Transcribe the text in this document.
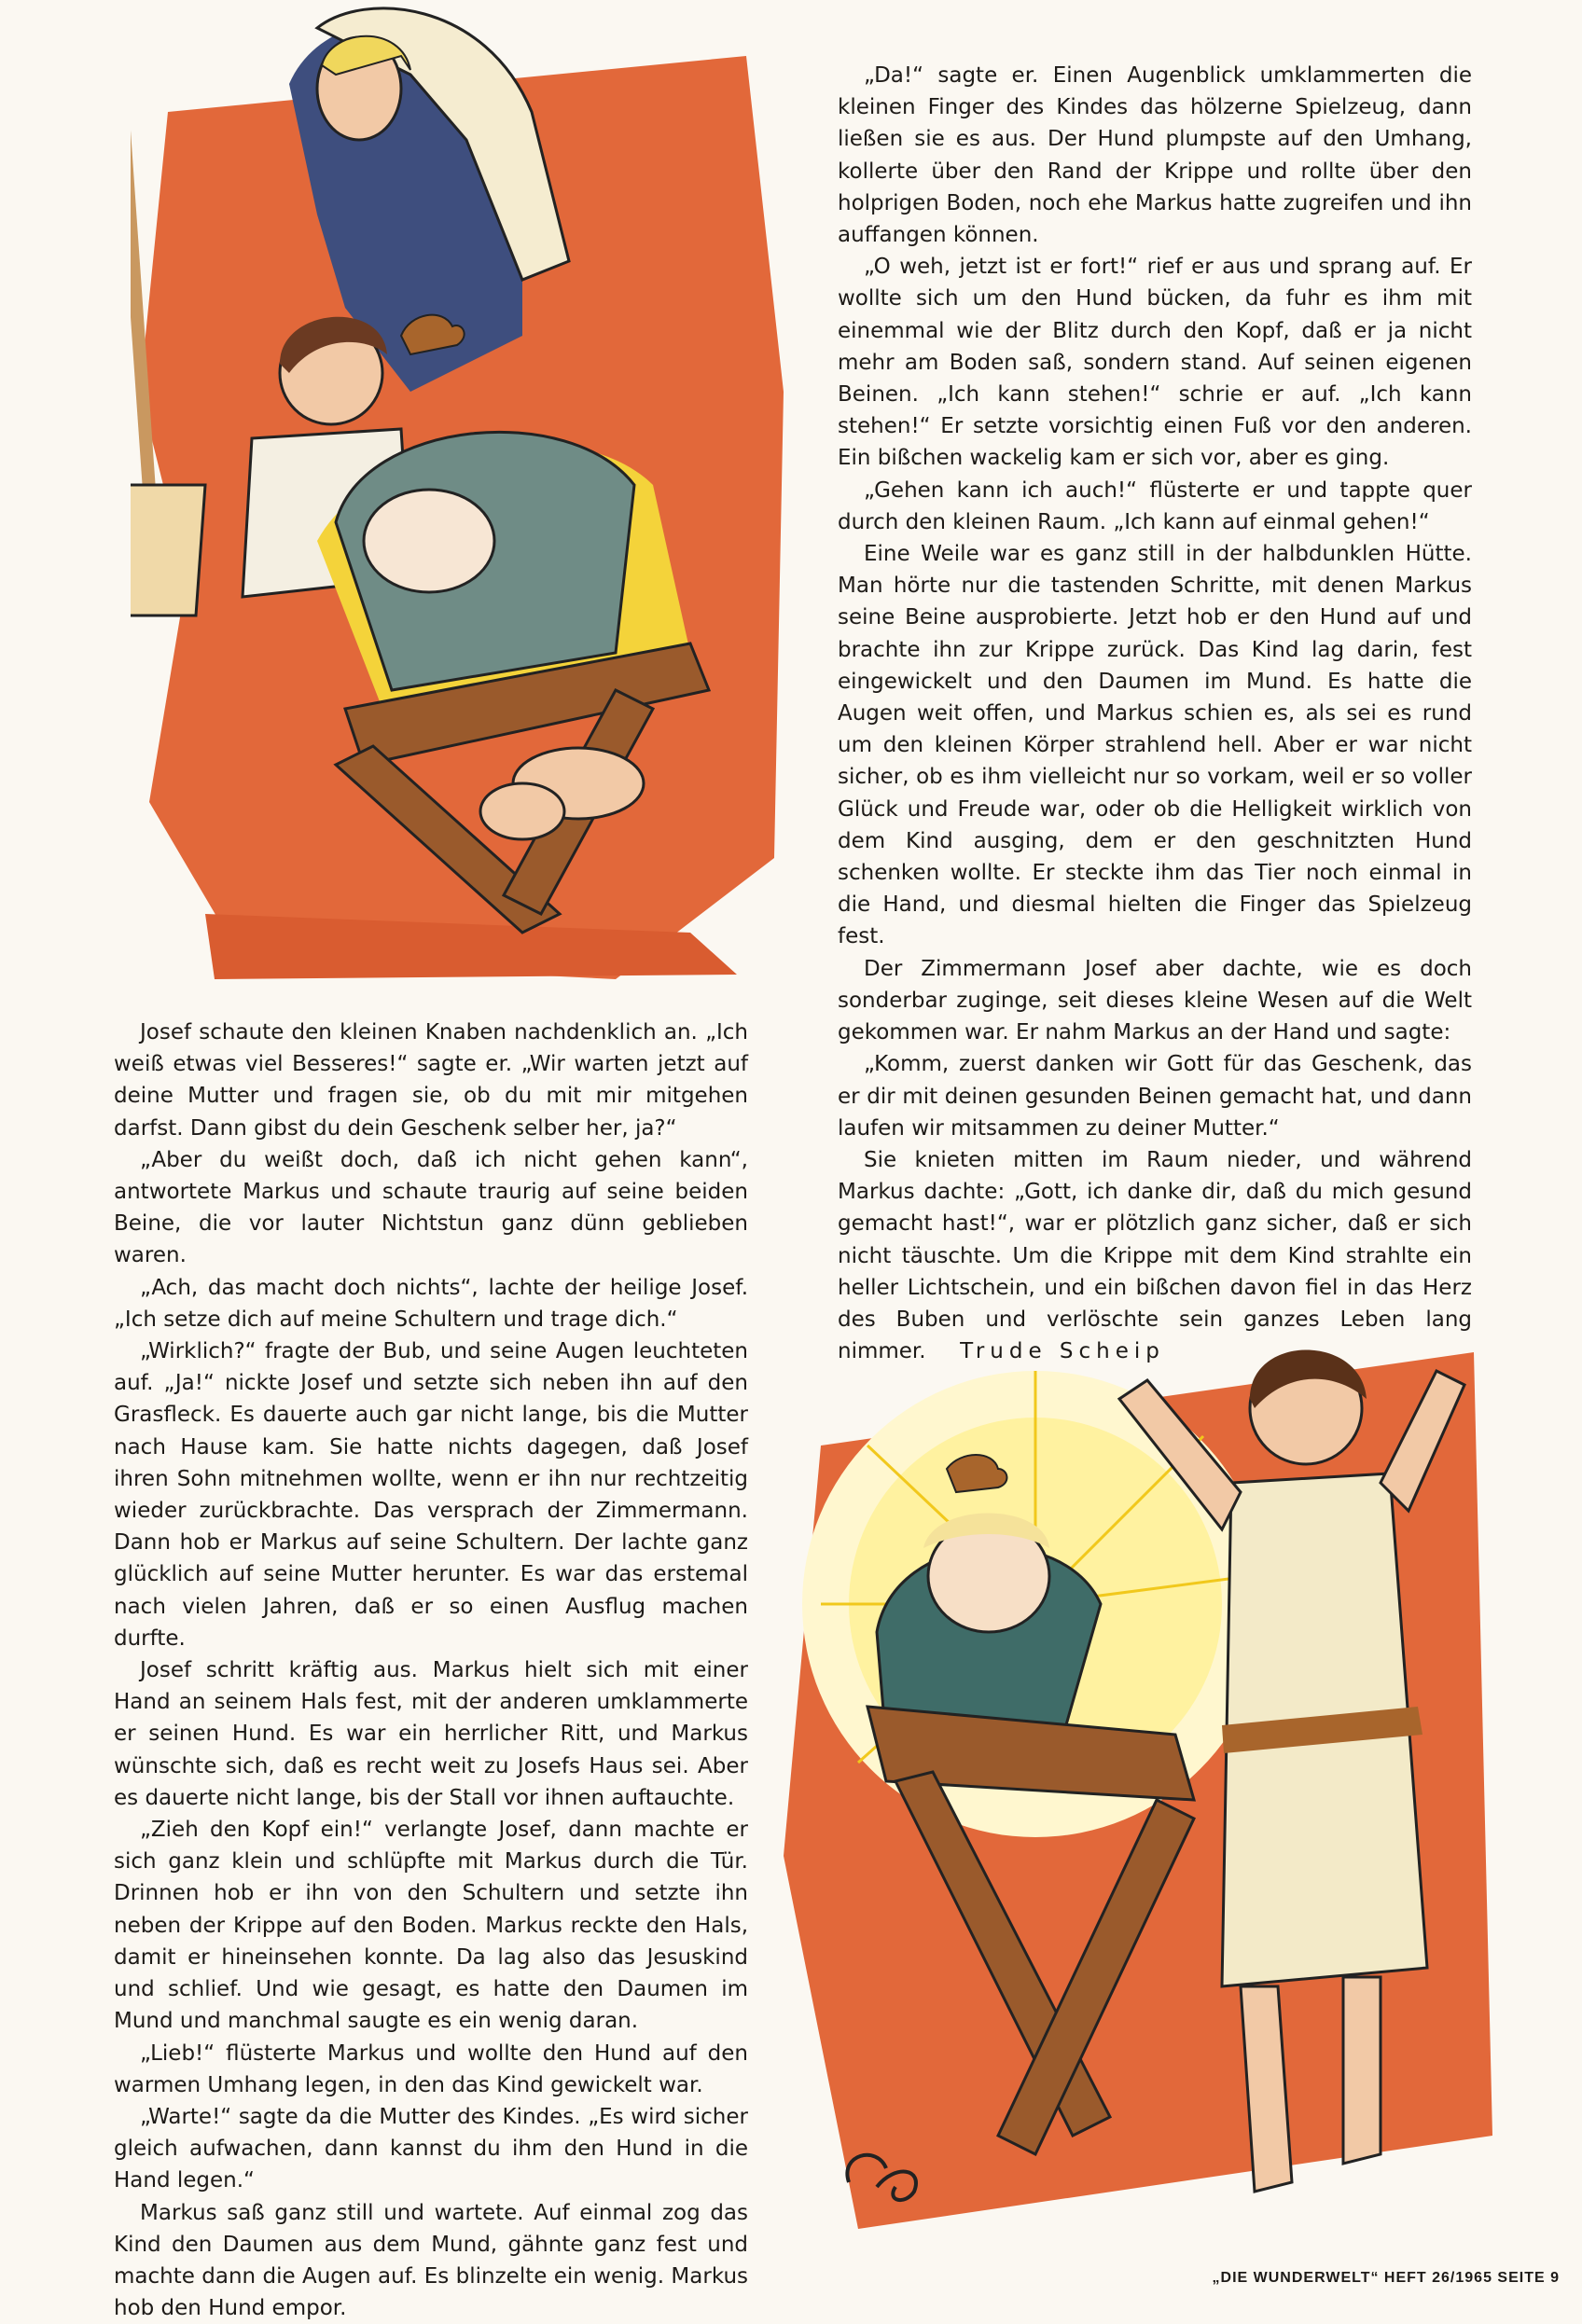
„Da!“ sagte er. Einen Augenblick umklammerten die kleinen Finger des Kindes das hölzerne Spielzeug, dann ließen sie es aus. Der Hund plumpste auf den Umhang, kollerte über den Rand der Krippe und rollte über den holprigen Boden, noch ehe Markus hatte zugreifen und ihn auffangen können.

„O weh, jetzt ist er fort!“ rief er aus und sprang auf. Er wollte sich um den Hund bücken, da fuhr es ihm mit einemmal wie der Blitz durch den Kopf, daß er ja nicht mehr am Boden saß, sondern stand. Auf seinen eigenen Beinen. „Ich kann stehen!“ schrie er auf. „Ich kann stehen!“ Er setzte vorsichtig einen Fuß vor den anderen. Ein bißchen wackelig kam er sich vor, aber es ging.

„Gehen kann ich auch!“ flüsterte er und tappte quer durch den kleinen Raum. „Ich kann auf einmal gehen!“

Eine Weile war es ganz still in der halbdunklen Hütte. Man hörte nur die tastenden Schritte, mit denen Markus seine Beine ausprobierte. Jetzt hob er den Hund auf und brachte ihn zur Krippe zurück. Das Kind lag darin, fest eingewickelt und den Daumen im Mund. Es hatte die Augen weit offen, und Markus schien es, als sei es rund um den kleinen Körper strahlend hell. Aber er war nicht sicher, ob es ihm vielleicht nur so vorkam, weil er so voller Glück und Freude war, oder ob die Helligkeit wirklich von dem Kind ausging, dem er den geschnitzten Hund schenken wollte. Er steckte ihm das Tier noch einmal in die Hand, und diesmal hielten die Finger das Spielzeug fest.

Der Zimmermann Josef aber dachte, wie es doch sonderbar zuginge, seit dieses kleine Wesen auf die Welt gekommen war. Er nahm Markus an der Hand und sagte:

„Komm, zuerst danken wir Gott für das Geschenk, das er dir mit deinen gesunden Beinen gemacht hat, und dann laufen wir mitsammen zu deiner Mutter.“

Sie knieten mitten im Raum nieder, und während Markus dachte: „Gott, ich danke dir, daß du mich gesund gemacht hast!“, war er plötzlich ganz sicher, daß er sich nicht täuschte. Um die Krippe mit dem Kind strahlte ein heller Lichtschein, und ein bißchen davon fiel in das Herz des Buben und verlöschte sein ganzes Leben lang nimmer. Trude Scheip

Josef schaute den kleinen Knaben nachdenklich an. „Ich weiß etwas viel Besseres!“ sagte er. „Wir warten jetzt auf deine Mutter und fragen sie, ob du mit mir mitgehen darfst. Dann gibst du dein Geschenk selber her, ja?“

„Aber du weißt doch, daß ich nicht gehen kann“, antwortete Markus und schaute traurig auf seine beiden Beine, die vor lauter Nichtstun ganz dünn geblieben waren.

„Ach, das macht doch nichts“, lachte der heilige Josef. „Ich setze dich auf meine Schultern und trage dich.“

„Wirklich?“ fragte der Bub, und seine Augen leuchteten auf. „Ja!“ nickte Josef und setzte sich neben ihn auf den Grasfleck. Es dauerte auch gar nicht lange, bis die Mutter nach Hause kam. Sie hatte nichts dagegen, daß Josef ihren Sohn mitnehmen wollte, wenn er ihn nur rechtzeitig wieder zurückbrachte. Das versprach der Zimmermann. Dann hob er Markus auf seine Schultern. Der lachte ganz glücklich auf seine Mutter herunter. Es war das erstemal nach vielen Jahren, daß er so einen Ausflug machen durfte.

Josef schritt kräftig aus. Markus hielt sich mit einer Hand an seinem Hals fest, mit der anderen umklammerte er seinen Hund. Es war ein herrlicher Ritt, und Markus wünschte sich, daß es recht weit zu Josefs Haus sei. Aber es dauerte nicht lange, bis der Stall vor ihnen auftauchte.

„Zieh den Kopf ein!“ verlangte Josef, dann machte er sich ganz klein und schlüpfte mit Markus durch die Tür. Drinnen hob er ihn von den Schultern und setzte ihn neben der Krippe auf den Boden. Markus reckte den Hals, damit er hineinsehen konnte. Da lag also das Jesuskind und schlief. Und wie gesagt, es hatte den Daumen im Mund und manchmal saugte es ein wenig daran.

„Lieb!“ flüsterte Markus und wollte den Hund auf den warmen Umhang legen, in den das Kind gewickelt war.

„Warte!“ sagte da die Mutter des Kindes. „Es wird sicher gleich aufwachen, dann kannst du ihm den Hund in die Hand legen.“

Markus saß ganz still und wartete. Auf einmal zog das Kind den Daumen aus dem Mund, gähnte ganz fest und machte dann die Augen auf. Es blinzelte ein wenig. Markus hob den Hund empor.

„DIE WUNDERWELT“ HEFT 26/1965 SEITE 9
